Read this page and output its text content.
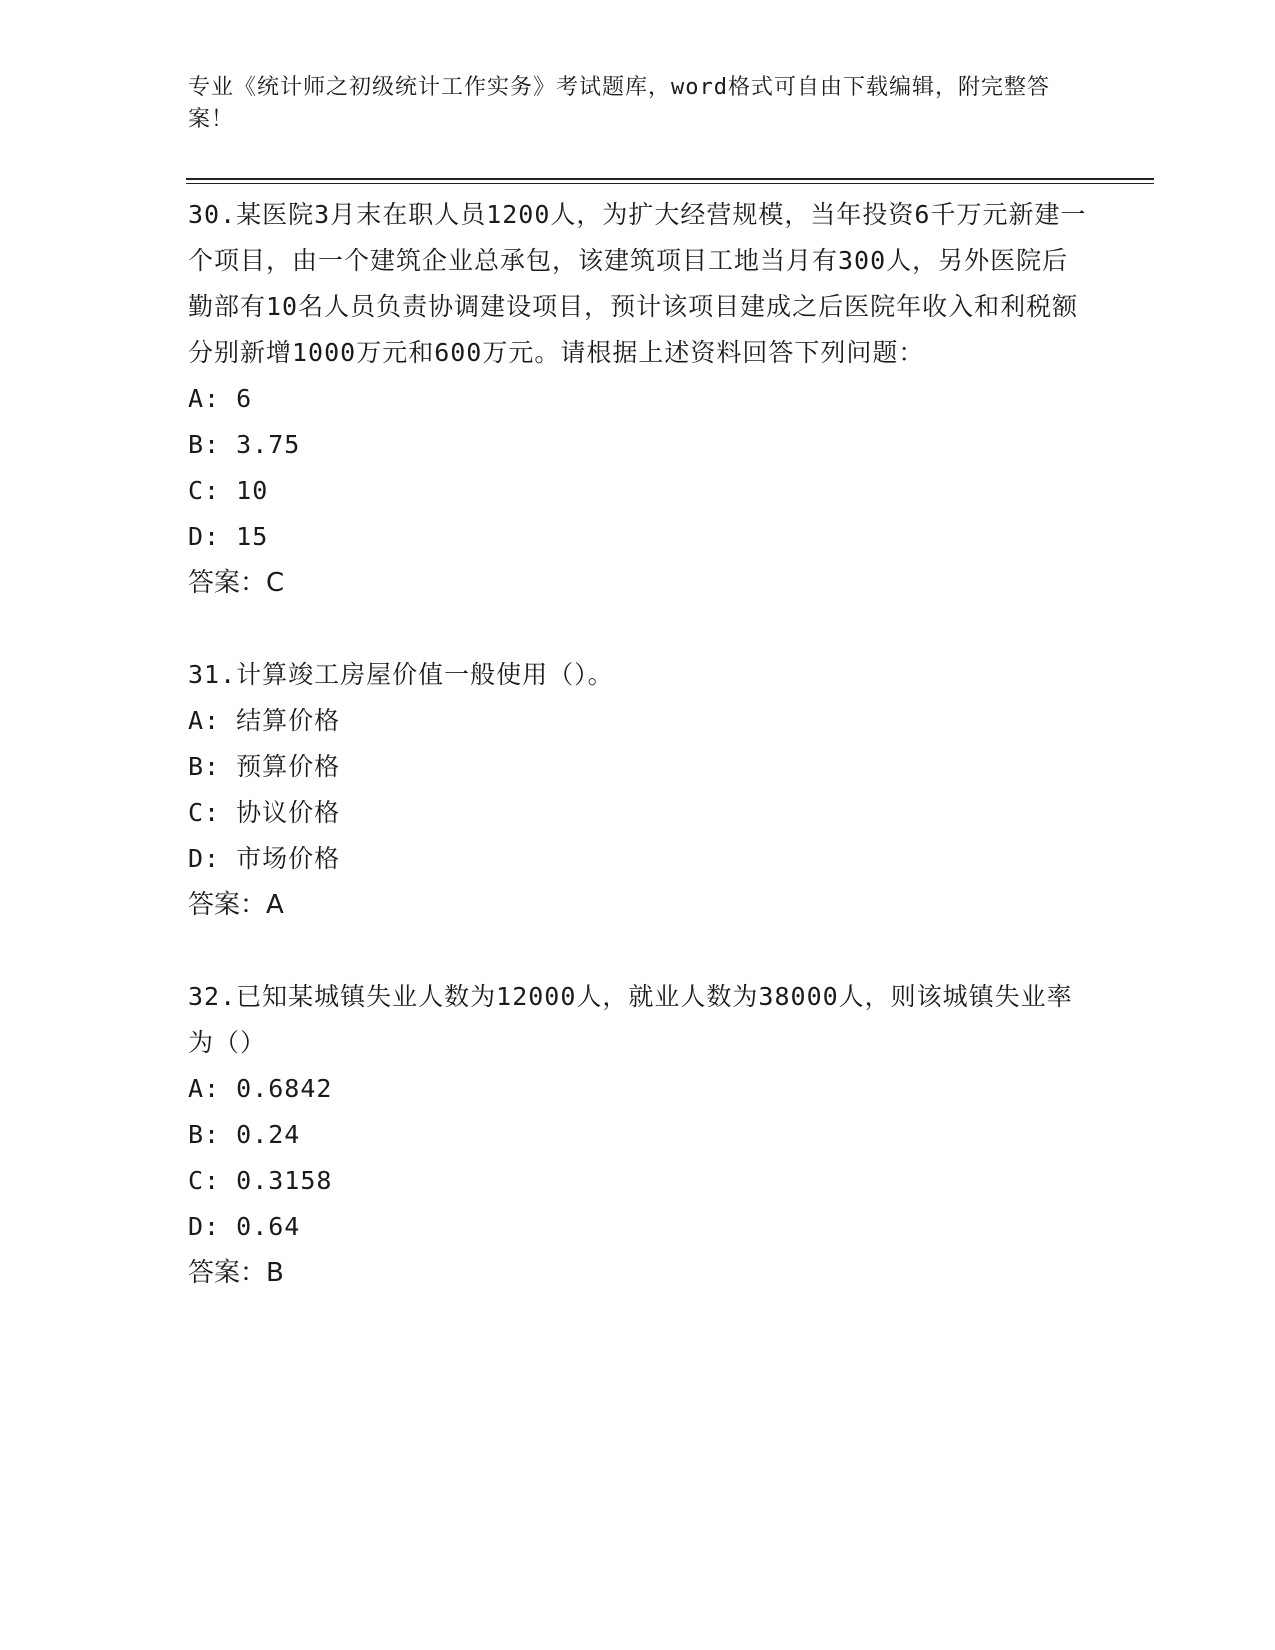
专业《统计师之初级统计工作实务》考试题库，word格式可自由下载编辑，附完整答案！

30.某医院3月末在职人员1200人，为扩大经营规模，当年投资6千万元新建一个项目，由一个建筑企业总承包，该建筑项目工地当月有300人，另外医院后勤部有10名人员负责协调建设项目，预计该项目建成之后医院年收入和利税额分别新增1000万元和600万元。请根据上述资料回答下列问题：

A: 6

B: 3.75

C: 10

D: 15

答案：C

31.计算竣工房屋价值一般使用（）。

A: 结算价格

B: 预算价格

C: 协议价格

D: 市场价格

答案：A

32.已知某城镇失业人数为12000人，就业人数为38000人，则该城镇失业率为（）

A: 0.6842

B: 0.24

C: 0.3158

D: 0.64

答案：B
